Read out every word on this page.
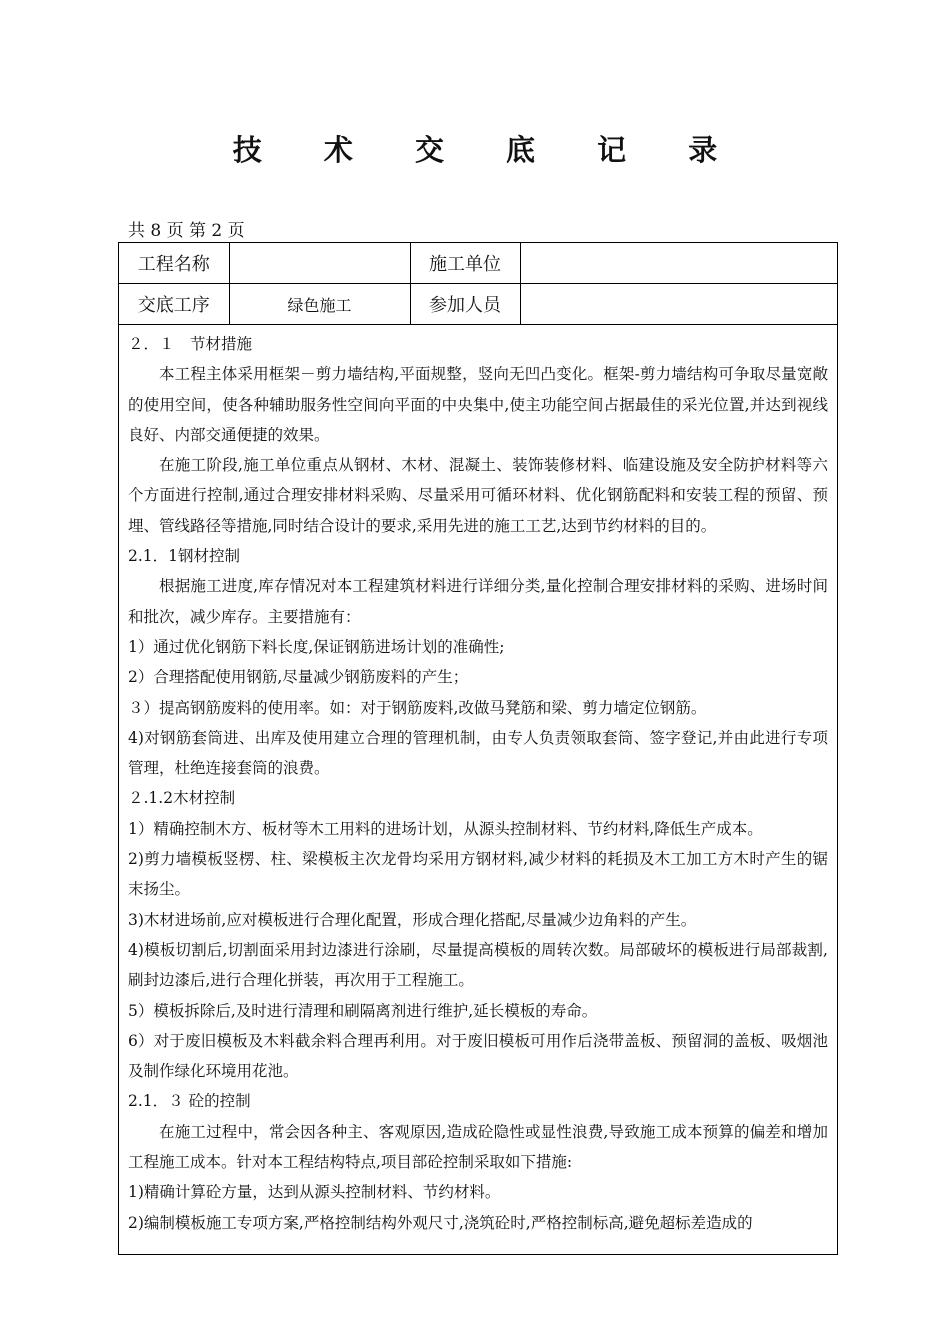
技 术 交 底 记 录
共 8 页 第 2 页
工程名称		施工单位	
交底工序	绿色施工	参加人员	

２．１　节材措施

本工程主体采用框架－剪力墙结构,平面规整，竖向无凹凸变化。框架-剪力墙结构可争取尽量宽敞的使用空间，使各种辅助服务性空间向平面的中央集中,使主功能空间占据最佳的采光位置,并达到视线良好、内部交通便捷的效果。

在施工阶段,施工单位重点从钢材、木材、混凝土、装饰装修材料、临建设施及安全防护材料等六个方面进行控制,通过合理安排材料采购、尽量采用可循环材料、优化钢筋配料和安装工程的预留、预埋、管线路径等措施,同时结合设计的要求,采用先进的施工工艺,达到节约材料的目的。

2.1．1钢材控制

根据施工进度,库存情况对本工程建筑材料进行详细分类,量化控制合理安排材料的采购、进场时间和批次，减少库存。主要措施有：

1）通过优化钢筋下料长度,保证钢筋进场计划的准确性;

2）合理搭配使用钢筋,尽量减少钢筋废料的产生；

３）提高钢筋废料的使用率。如：对于钢筋废料,改做马凳筋和梁、剪力墙定位钢筋。

4)对钢筋套筒进、出库及使用建立合理的管理机制，由专人负责领取套筒、签字登记,并由此进行专项管理，杜绝连接套筒的浪费。

２.1.2木材控制

1）精确控制木方、板材等木工用料的进场计划，从源头控制材料、节约材料,降低生产成本。

2)剪力墙模板竖楞、柱、梁模板主次龙骨均采用方钢材料,减少材料的耗损及木工加工方木时产生的锯末扬尘。

3)木材进场前,应对模板进行合理化配置，形成合理化搭配,尽量减少边角料的产生。

4)模板切割后,切割面采用封边漆进行涂刷，尽量提高模板的周转次数。局部破坏的模板进行局部裁割,刷封边漆后,进行合理化拼装，再次用于工程施工。

5）模板拆除后,及时进行清理和刷隔离剂进行维护,延长模板的寿命。

6）对于废旧模板及木料截余料合理再利用。对于废旧模板可用作后浇带盖板、预留洞的盖板、吸烟池及制作绿化环境用花池。

2.1．３ 砼的控制

在施工过程中，常会因各种主、客观原因,造成砼隐性或显性浪费,导致施工成本预算的偏差和增加工程施工成本。针对本工程结构特点,项目部砼控制采取如下措施:

1)精确计算砼方量，达到从源头控制材料、节约材料。

2)编制模板施工专项方案,严格控制结构外观尺寸,浇筑砼时,严格控制标高,避免超标差造成的
